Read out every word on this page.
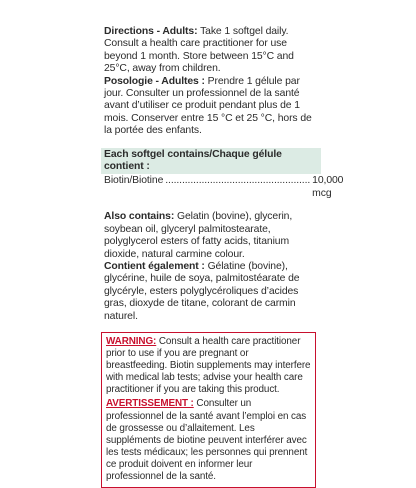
Directions - Adults: Take 1 softgel daily. Consult a health care practitioner for use beyond 1 month. Store between 15°C and 25°C, away from children.

Posologie - Adultes : Prendre 1 gélule par jour. Consulter un professionnel de la santé avant d’utiliser ce produit pendant plus de 1 mois. Conserver entre 15 °C et 25 °C, hors de la portée des enfants.

Each softgel contains/Chaque gélule contient :
Biotin/Biotine .................................................... 10,000 mcg

Also contains: Gelatin (bovine), glycerin, soybean oil, glyceryl palmitostearate, polyglycerol esters of fatty acids, titanium dioxide, natural carmine colour.

Contient également : Gélatine (bovine), glycérine, huile de soya, palmitostéarate de glycéryle, esters polyglycéroliques d’acides gras, dioxyde de titane, colorant de carmin naturel.

WARNING: Consult a health care practitioner prior to use if you are pregnant or breastfeeding. Biotin supplements may interfere with medical lab tests; advise your health care practitioner if you are taking this product.

AVERTISSEMENT : Consulter un professionnel de la santé avant l’emploi en cas de grossesse ou d’allaitement. Les suppléments de biotine peuvent interférer avec les tests médicaux; les personnes qui prennent ce produit doivent en informer leur professionnel de la santé.
